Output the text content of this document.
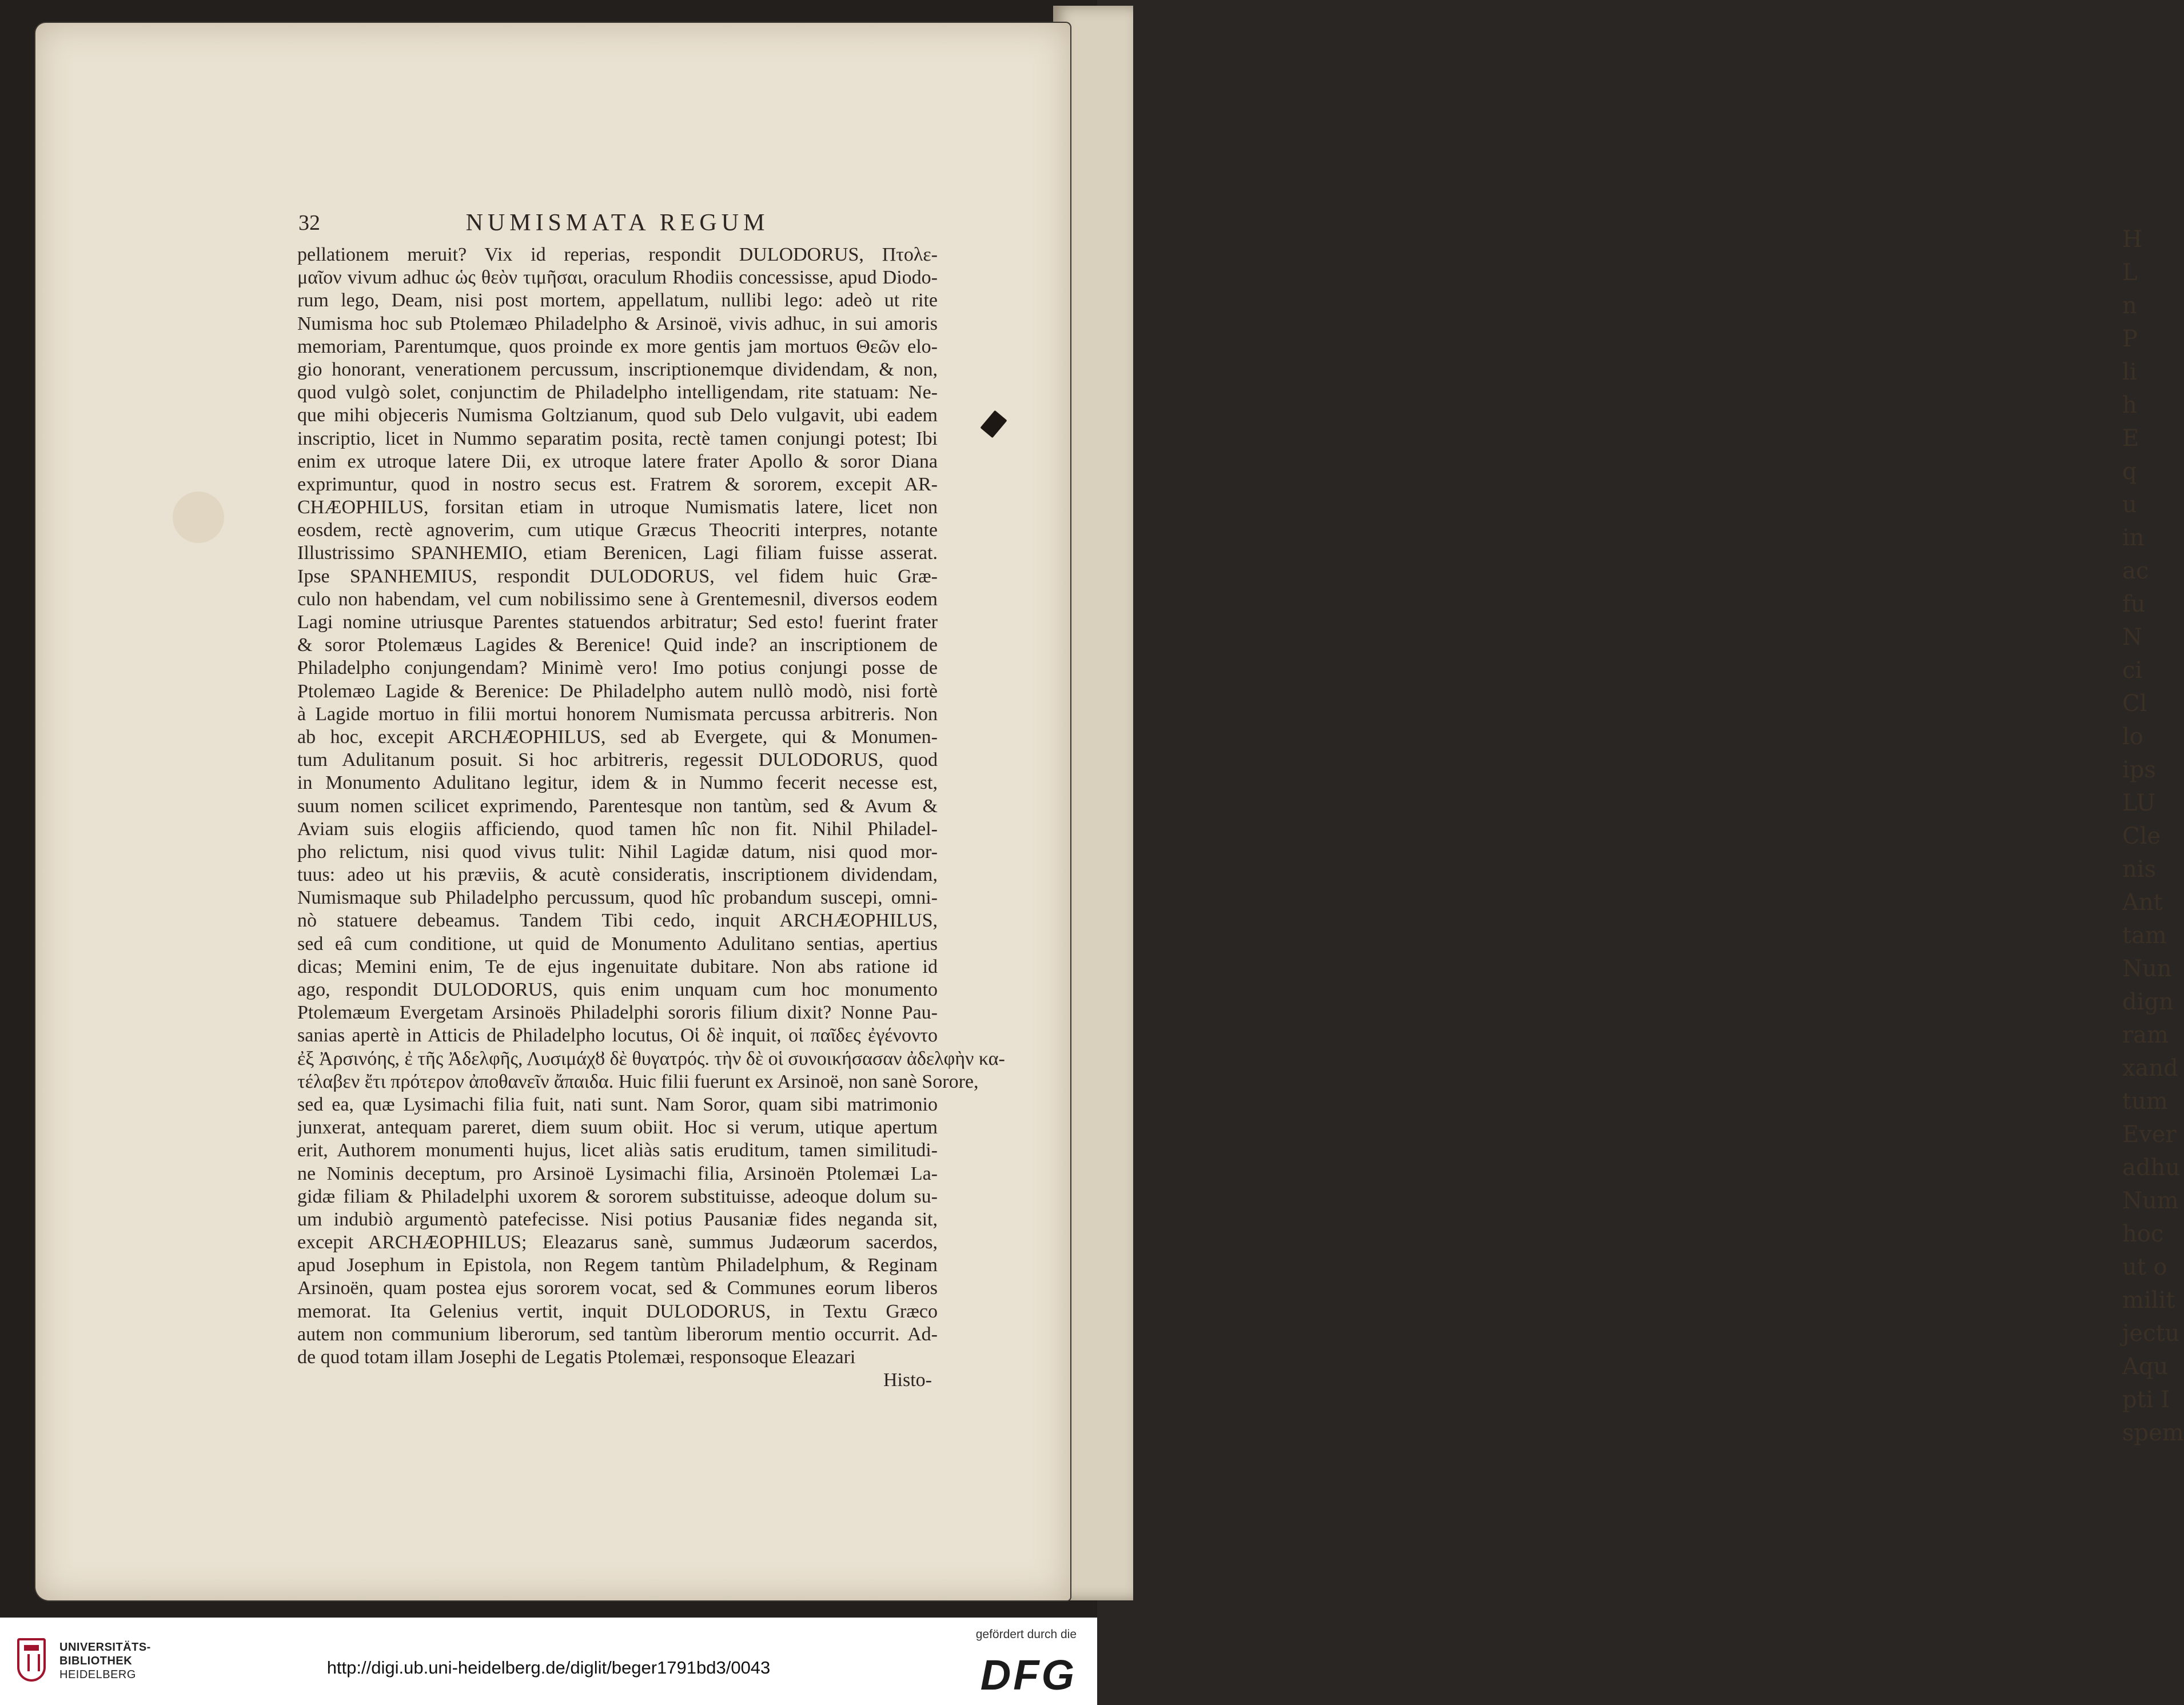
H
L
n
P
li
h
E
q
u
in
ac
fu
N
ci
Cl
lo
ips
LU
Cle
nis
Ant
tam
Nun
dign
ram
xand
tum
Ever
adhu
Num
hoc
ut o
milit
jectu
Aqu
pti I
spem
32	NUMISMATA REGUM
pellationem meruit? Vix id reperias, respondit DULODORUS, Πτολε-
μαῖον vivum adhuc ὡς θεὸν τιμῆσαι, oraculum Rhodiis concessisse, apud Diodo-
rum lego, Deam, nisi post mortem, appellatum, nullibi lego: adeò ut rite
Numisma hoc sub Ptolemæo Philadelpho & Arsinoë, vivis adhuc, in sui amoris
memoriam, Parentumque, quos proinde ex more gentis jam mortuos Θεῶν elo-
gio honorant, venerationem percussum, inscriptionemque dividendam, & non,
quod vulgò solet, conjunctim de Philadelpho intelligendam, rite statuam: Ne-
que mihi objeceris Numisma Goltzianum, quod sub Delo vulgavit, ubi eadem
inscriptio, licet in Nummo separatim posita, rectè tamen conjungi potest; Ibi
enim ex utroque latere Dii, ex utroque latere frater Apollo & soror Diana
exprimuntur, quod in nostro secus est. Fratrem & sororem, excepit AR-
CHÆOPHILUS, forsitan etiam in utroque Numismatis latere, licet non
eosdem, rectè agnoverim, cum utique Græcus Theocriti interpres, notante
Illustrissimo SPANHEMIO, etiam Berenicen, Lagi filiam fuisse asserat.
Ipse SPANHEMIUS, respondit DULODORUS, vel fidem huic Græ-
culo non habendam, vel cum nobilissimo sene à Grentemesnil, diversos eodem
Lagi nomine utriusque Parentes statuendos arbitratur; Sed esto! fuerint frater
& soror Ptolemæus Lagides & Berenice! Quid inde? an inscriptionem de
Philadelpho conjungendam? Minimè vero! Imo potius conjungi posse de
Ptolemæo Lagide & Berenice: De Philadelpho autem nullò modò, nisi fortè
à Lagide mortuo in filii mortui honorem Numismata percussa arbitreris. Non
ab hoc, excepit ARCHÆOPHILUS, sed ab Evergete, qui & Monumen-
tum Adulitanum posuit. Si hoc arbitreris, regessit DULODORUS, quod
in Monumento Adulitano legitur, idem & in Nummo fecerit necesse est,
suum nomen scilicet exprimendo, Parentesque non tantùm, sed & Avum &
Aviam suis elogiis afficiendo, quod tamen hîc non fit. Nihil Philadel-
pho relictum, nisi quod vivus tulit: Nihil Lagidæ datum, nisi quod mor-
tuus: adeo ut his præviis, & acutè consideratis, inscriptionem dividendam,
Numismaque sub Philadelpho percussum, quod hîc probandum suscepi, omni-
nò statuere debeamus. Tandem Tibi cedo, inquit ARCHÆOPHILUS,
sed eâ cum conditione, ut quid de Monumento Adulitano sentias, apertius
dicas; Memini enim, Te de ejus ingenuitate dubitare. Non abs ratione id
ago, respondit DULODORUS, quis enim unquam cum hoc monumento
Ptolemæum Evergetam Arsinoës Philadelphi sororis filium dixit? Nonne Pau-
sanias apertè in Atticis de Philadelpho locutus, Οἱ δὲ inquit, οἱ παῖδες ἐγένοντο
ἐξ Ἀρσινόης, ἐ τῆς Ἀδελφῆς, Λυσιμάχȣ δὲ θυγατρός. τὴν δὲ οἱ συνοικήσασαν ἀδελφὴν κα-
τέλαβεν ἔτι πρότερον ἀποθανεῖν ἄπαιδα. Huic filii fuerunt ex Arsinoë, non sanè Sorore,
sed ea, quæ Lysimachi filia fuit, nati sunt. Nam Soror, quam sibi matrimonio
junxerat, antequam pareret, diem suum obiit. Hoc si verum, utique apertum
erit, Authorem monumenti hujus, licet aliàs satis eruditum, tamen similitudi-
ne Nominis deceptum, pro Arsinoë Lysimachi filia, Arsinoën Ptolemæi La-
gidæ filiam & Philadelphi uxorem & sororem substituisse, adeoque dolum su-
um indubiò argumentò patefecisse. Nisi potius Pausaniæ fides neganda sit,
excepit ARCHÆOPHILUS; Eleazarus sanè, summus Judæorum sacerdos,
apud Josephum in Epistola, non Regem tantùm Philadelphum, & Reginam
Arsinoën, quam postea ejus sororem vocat, sed & Communes eorum liberos
memorat. Ita Gelenius vertit, inquit DULODORUS, in Textu Græco
autem non communium liberorum, sed tantùm liberorum mentio occurrit. Ad-
de quod totam illam Josephi de Legatis Ptolemæi, responsoque Eleazari
Histo-
UNIVERSITÄTS-
BIBLIOTHEK
HEIDELBERG	http://digi.ub.uni-heidelberg.de/diglit/beger1791bd3/0043
gefördert durch die
DFG
